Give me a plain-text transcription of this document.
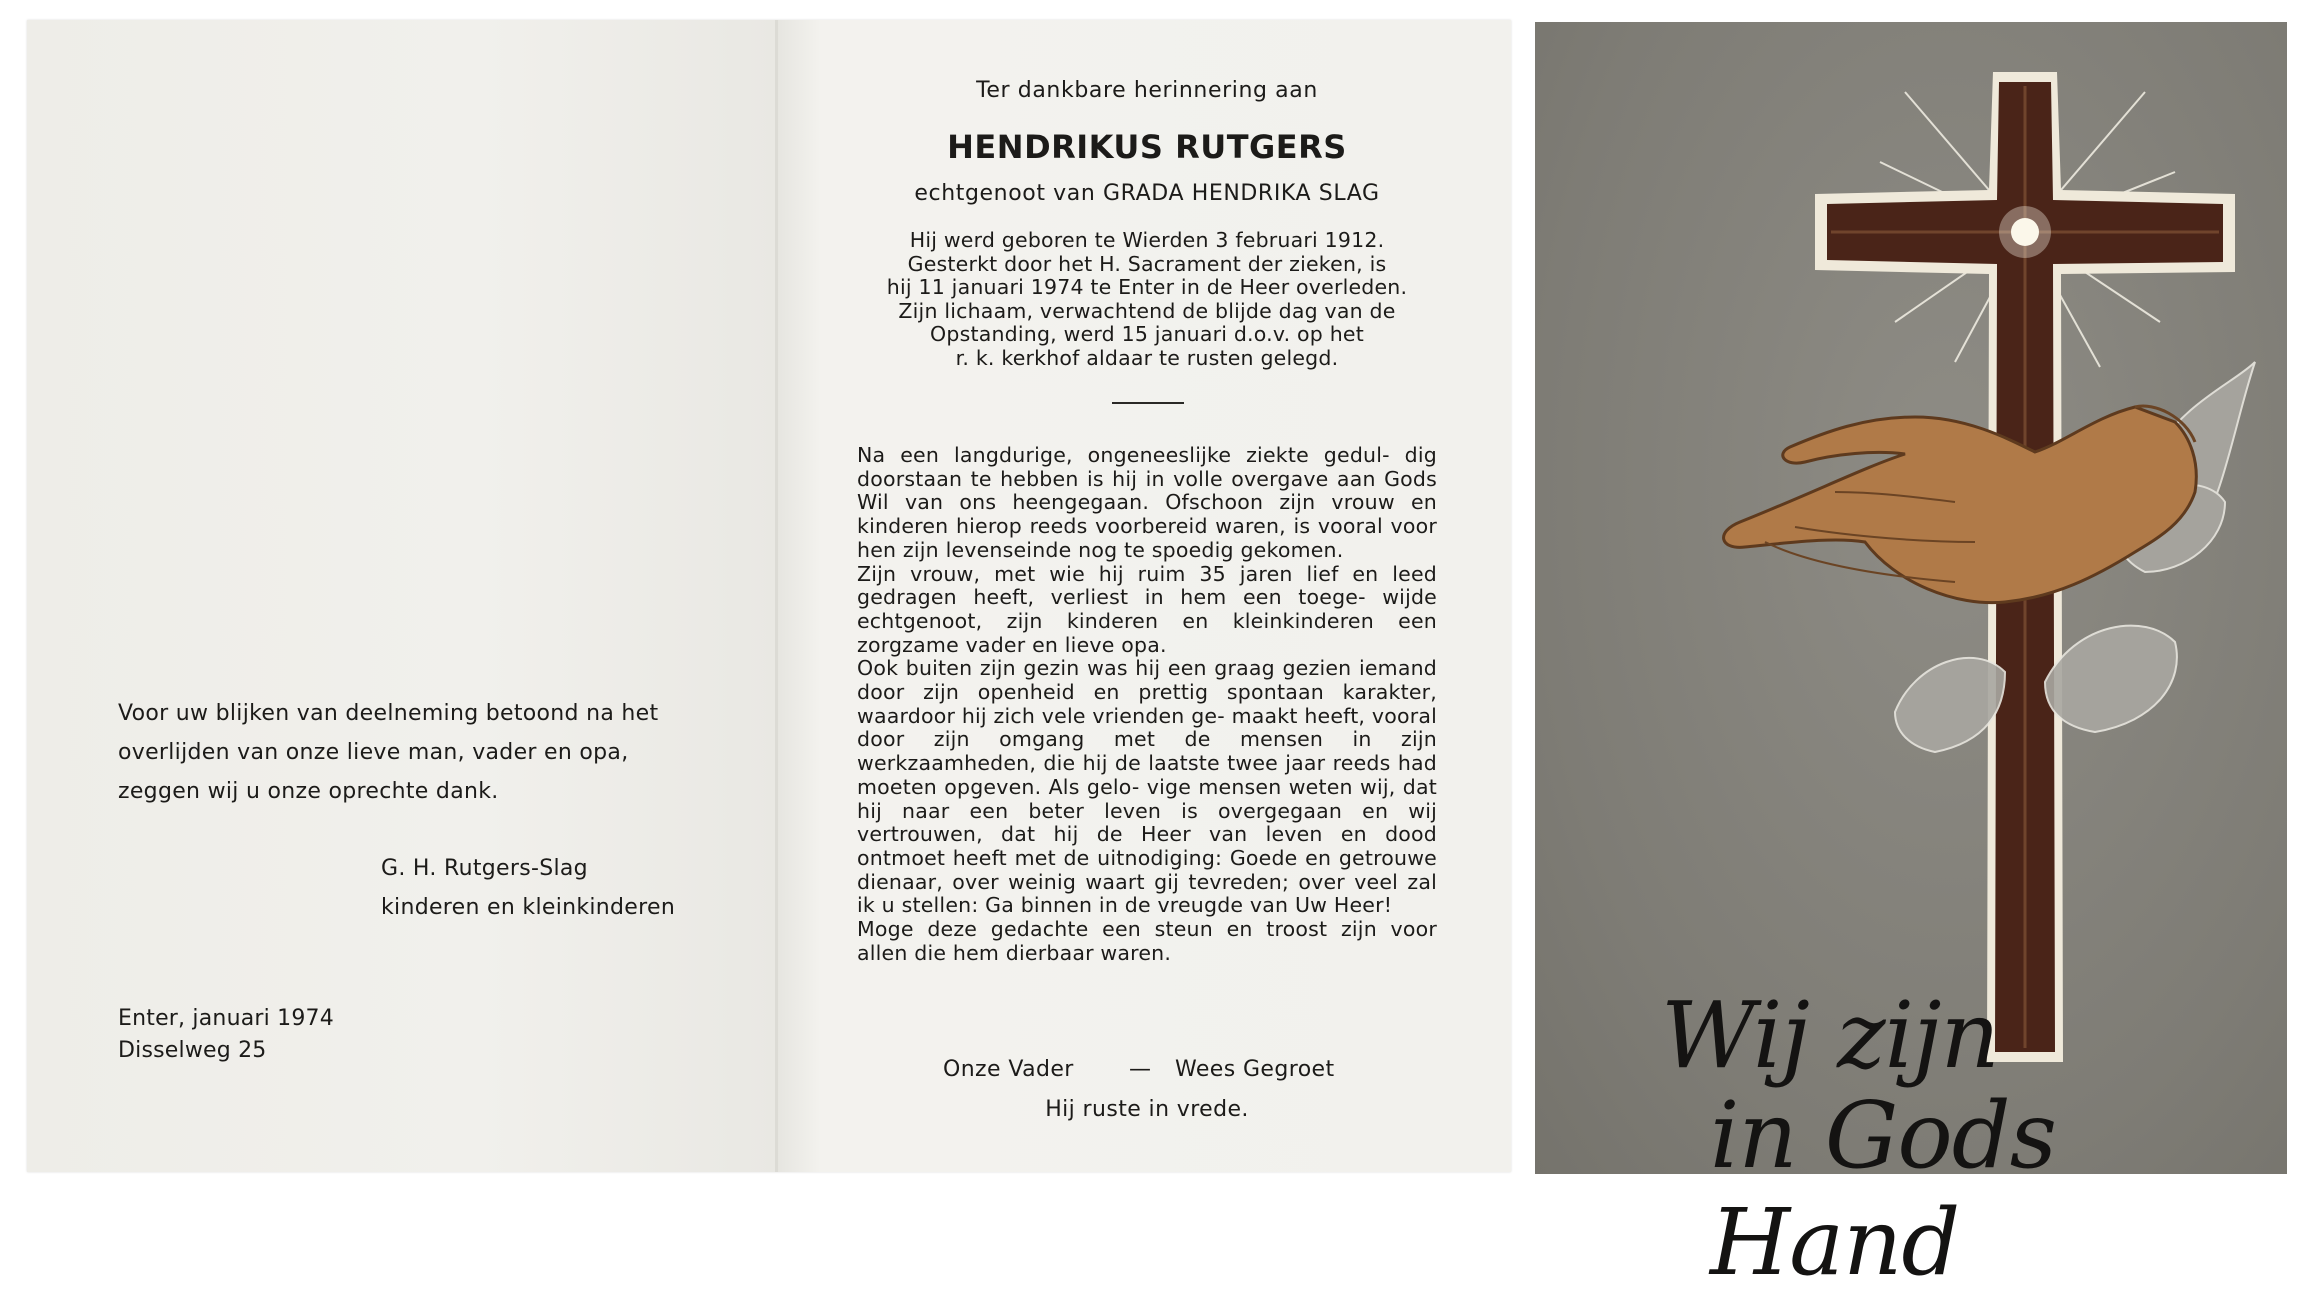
Voor uw blijken van deelneming betoond na het
overlijden van onze lieve man, vader en opa,
zeggen wij u onze oprechte dank.
G. H. Rutgers-Slag
kinderen en kleinkinderen
Enter, januari 1974
Disselweg 25
Ter dankbare herinnering aan
HENDRIKUS RUTGERS
echtgenoot van GRADA HENDRIKA SLAG
Hij werd geboren te Wierden 3 februari 1912.
Gesterkt door het H. Sacrament der zieken, is
hij 11 januari 1974 te Enter in de Heer overleden.
Zijn lichaam, verwachtend de blijde dag van de
Opstanding, werd 15 januari d.o.v. op het
r. k. kerkhof aldaar te rusten gelegd.

Na een langdurige, ongeneeslijke ziekte gedul- dig doorstaan te hebben is hij in volle overgave aan Gods Wil van ons heengegaan. Ofschoon zijn vrouw en kinderen hierop reeds voorbereid waren, is vooral voor hen zijn levenseinde nog te spoedig gekomen.

Zijn vrouw, met wie hij ruim 35 jaren lief en leed gedragen heeft, verliest in hem een toege- wijde echtgenoot, zijn kinderen en kleinkinderen een zorgzame vader en lieve opa.

Ook buiten zijn gezin was hij een graag gezien iemand door zijn openheid en prettig spontaan karakter, waardoor hij zich vele vrienden ge- maakt heeft, vooral door zijn omgang met de mensen in zijn werkzaamheden, die hij de laatste twee jaar reeds had moeten opgeven. Als gelo- vige mensen weten wij, dat hij naar een beter leven is overgegaan en wij vertrouwen, dat hij de Heer van leven en dood ontmoet heeft met de uitnodiging: Goede en getrouwe dienaar, over weinig waart gij tevreden; over veel zal ik u stellen: Ga binnen in de vreugde van Uw Heer!

Moge deze gedachte een steun en troost zijn voor allen die hem dierbaar waren.

Onze Vader	— Wees Gegroet
Hij ruste in vrede.
Wij zijn
in Gods Hand
